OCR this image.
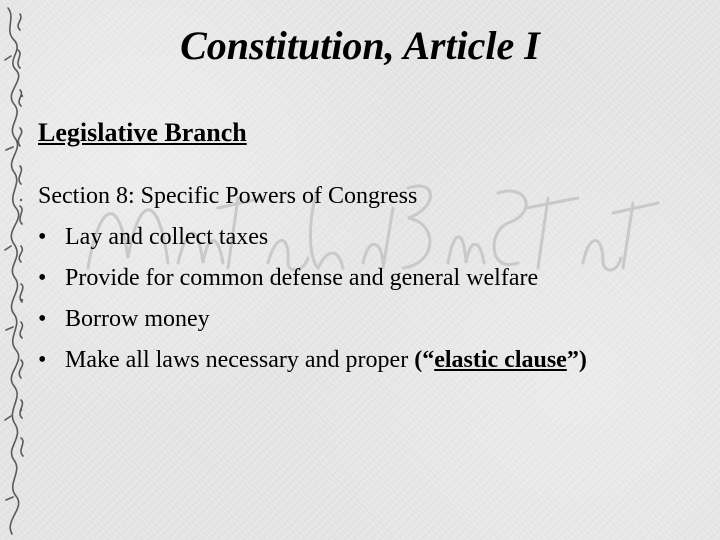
Constitution, Article I
Legislative Branch
Section 8: Specific Powers of Congress
• Lay and collect taxes
• Provide for common defense and general welfare
• Borrow money
• Make all laws necessary and proper (“elastic clause”)
